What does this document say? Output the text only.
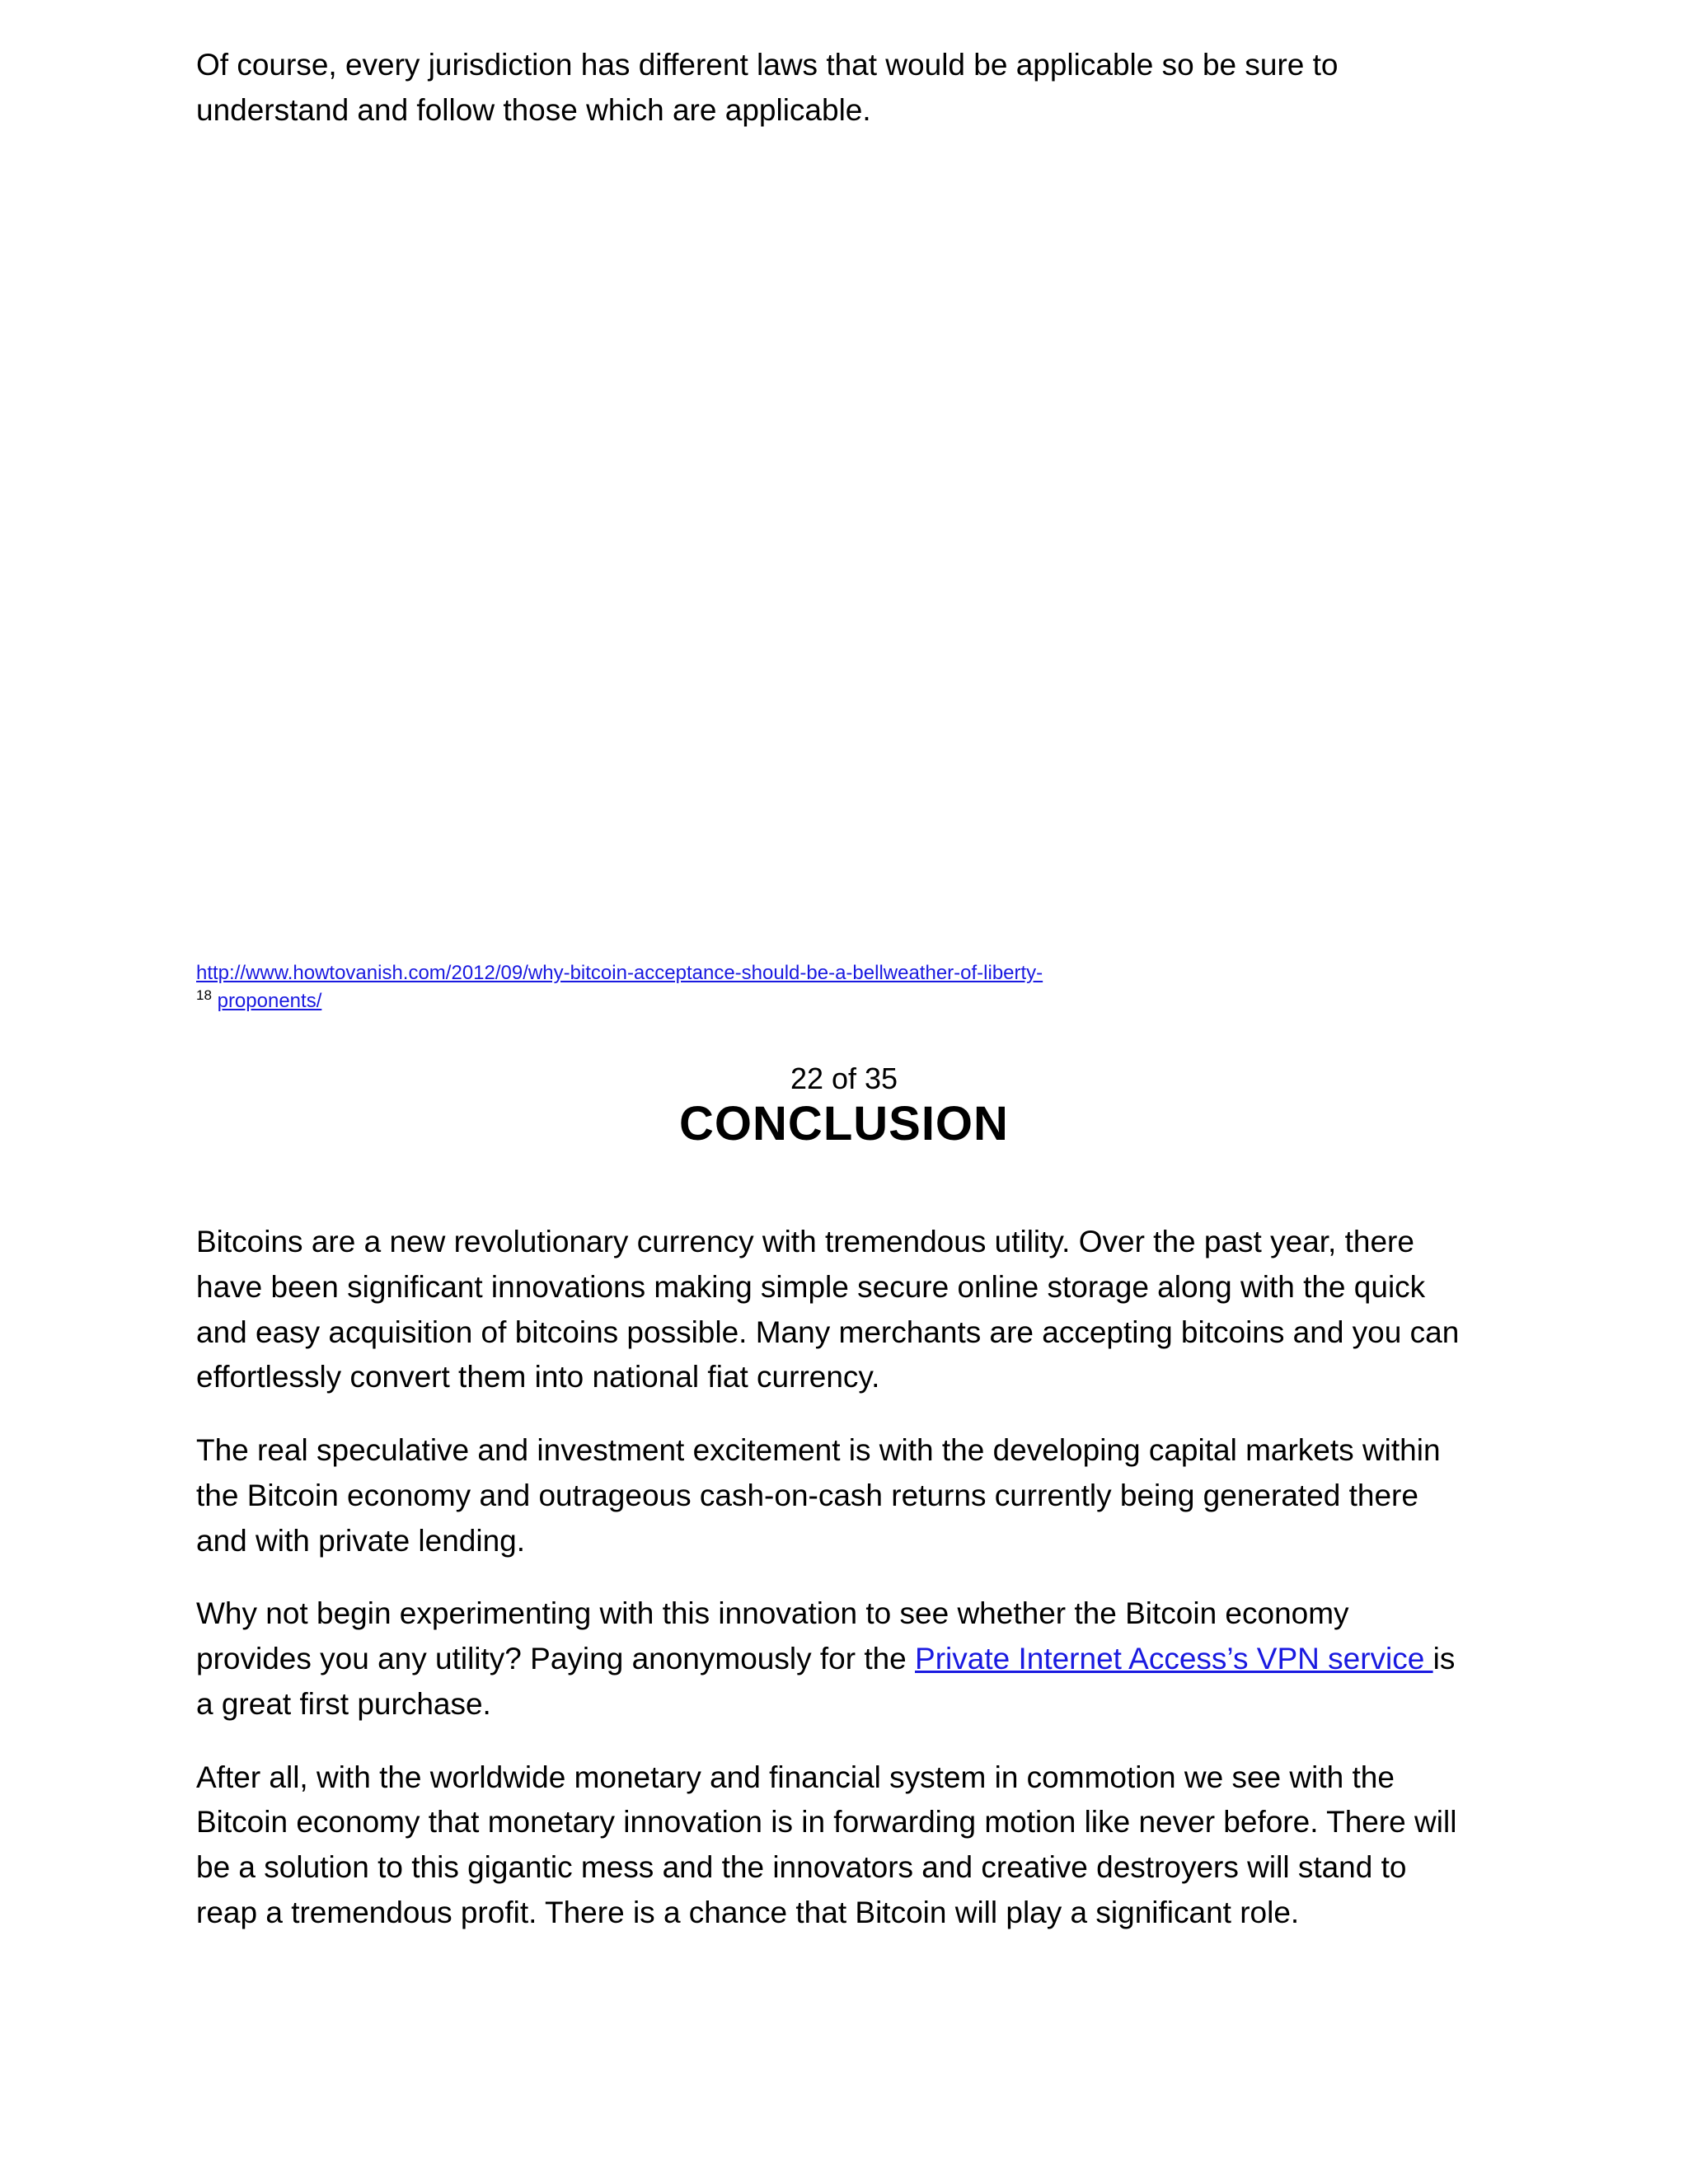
Of course, every jurisdiction has different laws that would be applicable so be sure to understand and follow those which are applicable.

http://www.howtovanish.com/2012/09/why-bitcoin-acceptance-should-be-a-bellweather-of-liberty-
$^{18}$ proponents/
22 of 35
CONCLUSION

Bitcoins are a new revolutionary currency with tremendous utility. Over the past year, there have been significant innovations making simple secure online storage along with the quick and easy acquisition of bitcoins possible. Many merchants are accepting bitcoins and you can effortlessly convert them into national fiat currency.

The real speculative and investment excitement is with the developing capital markets within the Bitcoin economy and outrageous cash-on-cash returns currently being generated there and with private lending.

Why not begin experimenting with this innovation to see whether the Bitcoin economy provides you any utility? Paying anonymously for the Private Internet Access’s VPN service is a great first purchase.

After all, with the worldwide monetary and financial system in commotion we see with the Bitcoin economy that monetary innovation is in forwarding motion like never before. There will be a solution to this gigantic mess and the innovators and creative destroyers will stand to reap a tremendous profit. There is a chance that Bitcoin will play a significant role.
